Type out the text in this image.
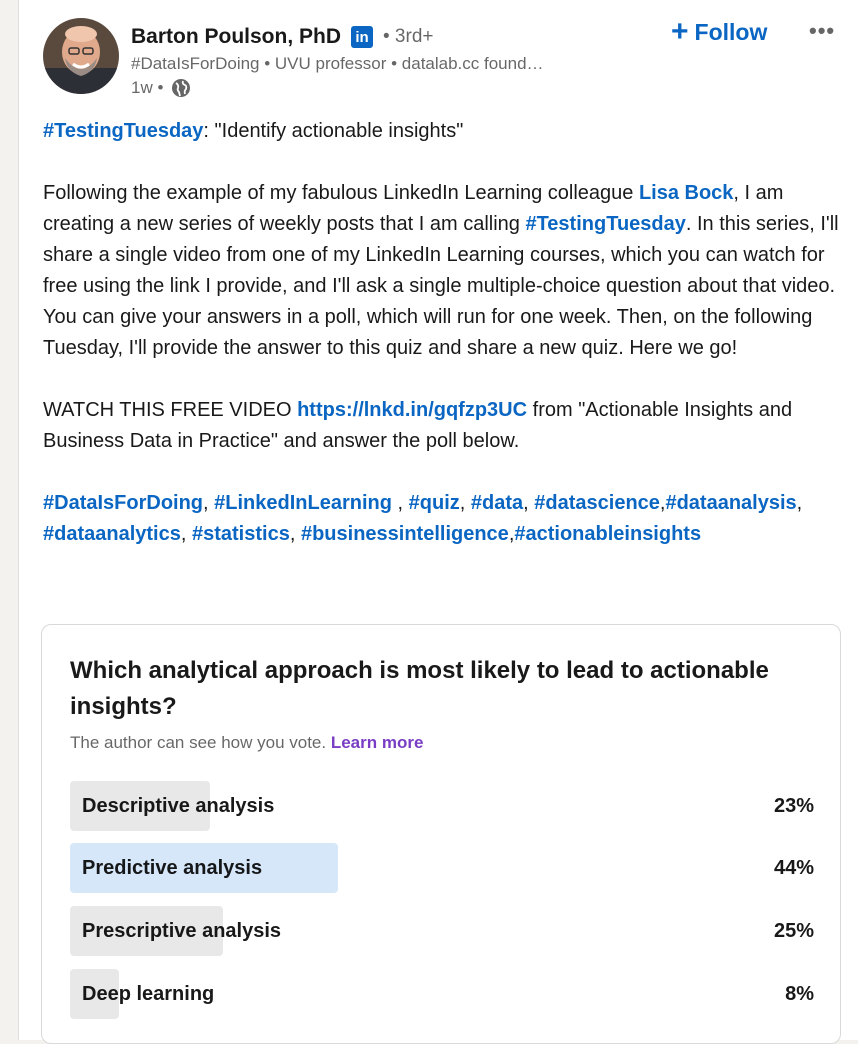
Barton Poulson, PhD in • 3rd+
#DataIsForDoing • UVU professor • datalab.cc found…
1w •
+ Follow •••

#TestingTuesday: "Identify actionable insights"

Following the example of my fabulous LinkedIn Learning colleague Lisa Bock, I am creating a new series of weekly posts that I am calling #TestingTuesday. In this series, I'll share a single video from one of my LinkedIn Learning courses, which you can watch for free using the link I provide, and I'll ask a single multiple-choice question about that video. You can give your answers in a poll, which will run for one week. Then, on the following Tuesday, I'll provide the answer to this quiz and share a new quiz. Here we go!

WATCH THIS FREE VIDEO https://lnkd.in/gqfzp3UC from "Actionable Insights and Business Data in Practice" and answer the poll below.

#DataIsForDoing, #LinkedInLearning , #quiz, #data, #datascience,#dataanalysis, #dataanalytics, #statistics, #businessintelligence,#actionableinsights

Which analytical approach is most likely to lead to actionable insights?
The author can see how you vote. Learn more
Descriptive analysis	23%
Predictive analysis	44%
Prescriptive analysis	25%
Deep learning	8%
